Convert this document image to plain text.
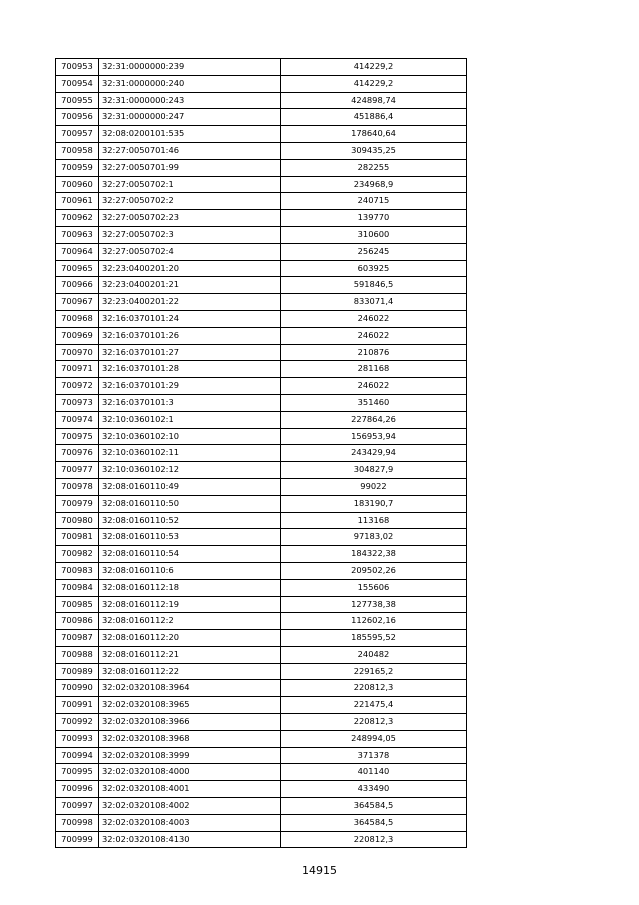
700953	32:31:0000000:239	414229,2
700954	32:31:0000000:240	414229,2
700955	32:31:0000000:243	424898,74
700956	32:31:0000000:247	451886,4
700957	32:08:0200101:535	178640,64
700958	32:27:0050701:46	309435,25
700959	32:27:0050701:99	282255
700960	32:27:0050702:1	234968,9
700961	32:27:0050702:2	240715
700962	32:27:0050702:23	139770
700963	32:27:0050702:3	310600
700964	32:27:0050702:4	256245
700965	32:23:0400201:20	603925
700966	32:23:0400201:21	591846,5
700967	32:23:0400201:22	833071,4
700968	32:16:0370101:24	246022
700969	32:16:0370101:26	246022
700970	32:16:0370101:27	210876
700971	32:16:0370101:28	281168
700972	32:16:0370101:29	246022
700973	32:16:0370101:3	351460
700974	32:10:0360102:1	227864,26
700975	32:10:0360102:10	156953,94
700976	32:10:0360102:11	243429,94
700977	32:10:0360102:12	304827,9
700978	32:08:0160110:49	99022
700979	32:08:0160110:50	183190,7
700980	32:08:0160110:52	113168
700981	32:08:0160110:53	97183,02
700982	32:08:0160110:54	184322,38
700983	32:08:0160110:6	209502,26
700984	32:08:0160112:18	155606
700985	32:08:0160112:19	127738,38
700986	32:08:0160112:2	112602,16
700987	32:08:0160112:20	185595,52
700988	32:08:0160112:21	240482
700989	32:08:0160112:22	229165,2
700990	32:02:0320108:3964	220812,3
700991	32:02:0320108:3965	221475,4
700992	32:02:0320108:3966	220812,3
700993	32:02:0320108:3968	248994,05
700994	32:02:0320108:3999	371378
700995	32:02:0320108:4000	401140
700996	32:02:0320108:4001	433490
700997	32:02:0320108:4002	364584,5
700998	32:02:0320108:4003	364584,5
700999	32:02:0320108:4130	220812,3
14915
